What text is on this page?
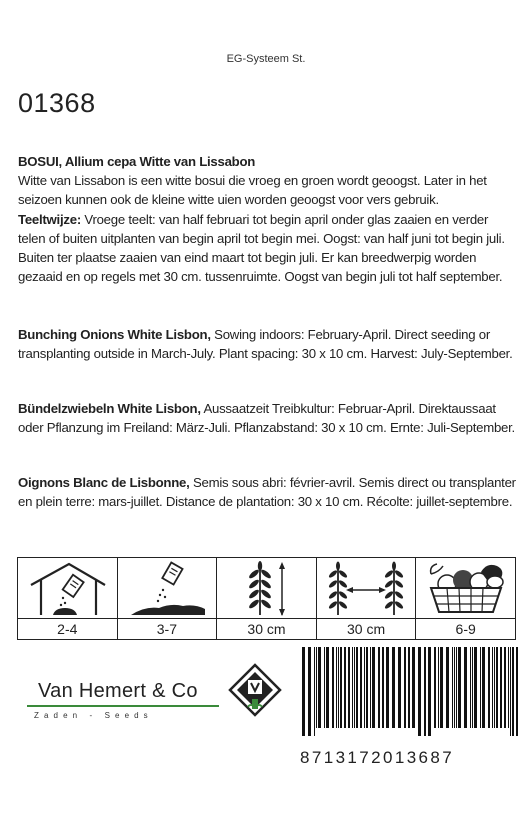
EG-Systeem St.
01368
BOSUI, Allium cepa Witte van Lissabon
Witte van Lissabon is een witte bosui die vroeg en groen wordt geoogst. Later in het seizoen kunnen ook de kleine witte uien worden geoogst voor vers gebruik.
Teeltwijze: Vroege teelt: van half februari tot begin april onder glas zaaien en verder telen of buiten uitplanten van begin april tot begin mei. Oogst: van half juni tot begin juli. Buiten ter plaatse zaaien van eind maart tot begin juli. Er kan breedwerpig worden gezaaid en op regels met 30 cm. tussenruimte. Oogst van begin juli tot half september.
Bunching Onions White Lisbon, Sowing indoors: February-April. Direct seeding or transplanting outside in March-July. Plant spacing: 30 x 10 cm. Harvest: July-September.
Bündelzwiebeln White Lisbon, Aussaatzeit Treibkultur: Februar-April. Direktaussaat oder Pflanzung im Freiland: März-Juli. Pflanzabstand: 30 x 10 cm. Ernte: Juli-September.
Oignons Blanc de Lisbonne, Semis sous abri: février-avril. Semis direct ou transplanter en plein terre: mars-juillet. Distance de plantation: 30 x 10 cm. Récolte: juillet-septembre.
2-4	3-7	30 cm	30 cm	6-9
Van Hemert & Co
Zaden - Seeds
8713172013687
